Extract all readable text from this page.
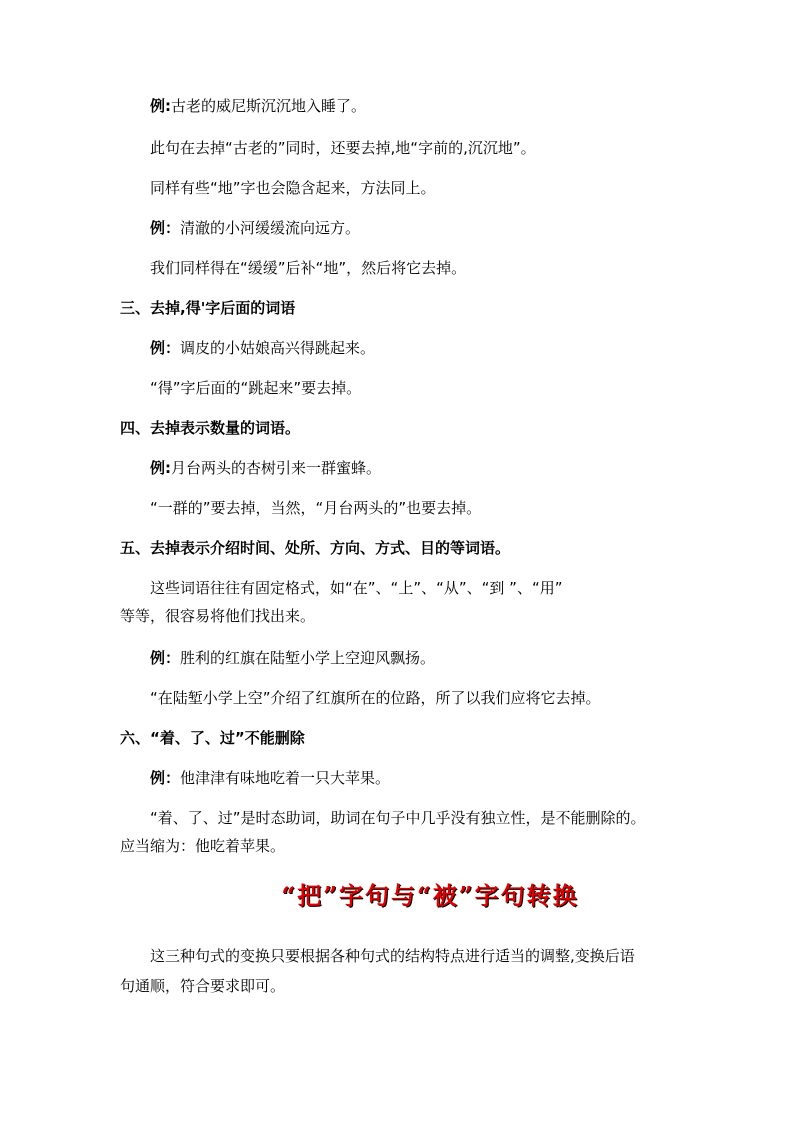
例:古老的威尼斯沉沉地入睡了。
此句在去掉“古老的”同时，还要去掉,地“字前的,沉沉地”。
同样有些“地”字也会隐含起来，方法同上。
例：清澈的小河缓缓流向远方。
我们同样得在“缓缓”后补“地”，然后将它去掉。
三、去掉,得'字后面的词语
例：调皮的小姑娘高兴得跳起来。
“得”字后面的“跳起来”要去掉。
四、去掉表示数量的词语。
例:月台两头的杏树引来一群蜜蜂。
“一群的”要去掉，当然，“月台两头的”也要去掉。
五、去掉表示介绍时间、处所、方向、方式、目的等词语。
这些词语往往有固定格式，如“在”、“上”、“从”、“到 ”、“用”
等等，很容易将他们找出来。
例：胜利的红旗在陆堑小学上空迎风飘扬。
“在陆堑小学上空”介绍了红旗所在的位路，所了以我们应将它去掉。
六、“着、了、过”不能删除
例：他津津有味地吃着一只大苹果。
“着、了、过”是时态助词，助词在句子中几乎没有独立性，是不能删除的。
应当缩为：他吃着苹果。
“把”字句与“被”字句转换
这三种句式的变换只要根据各种句式的结构特点进行适当的调整,变换后语
句通顺，符合要求即可。
